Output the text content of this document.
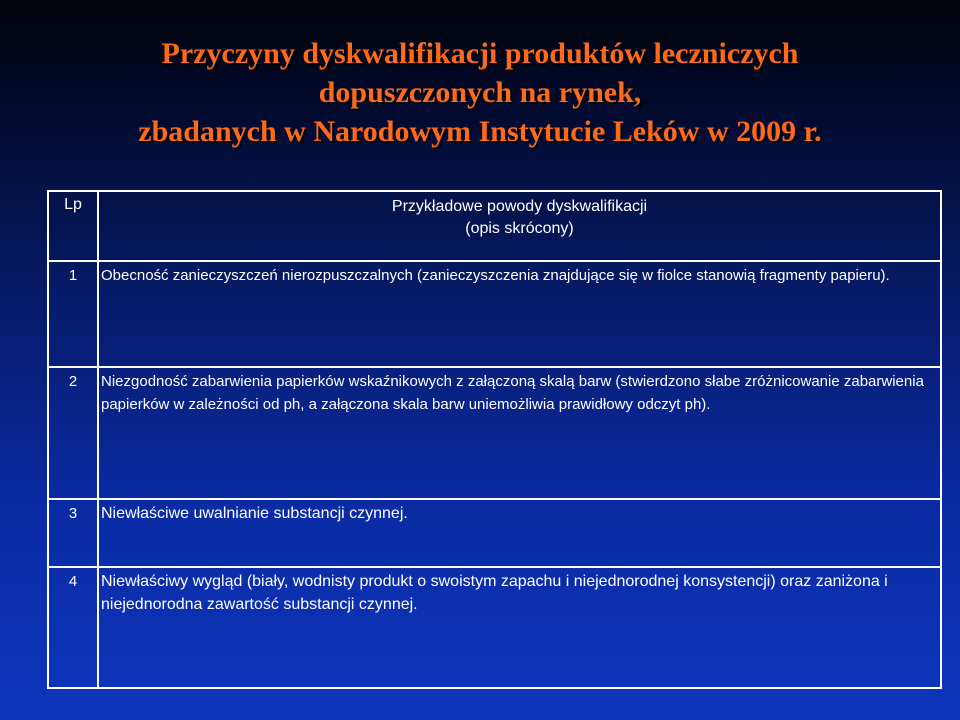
Przyczyny dyskwalifikacji produktów leczniczych
dopuszczonych na rynek,
zbadanych w Narodowym Instytucie Leków w 2009 r.
Lp	Przykładowe powody dyskwalifikacji
(opis skrócony)

1	Obecność zanieczyszczeń nierozpuszczalnych (zanieczyszczenia znajdujące się w fiolce stanowią fragmenty papieru).
2	Niezgodność zabarwienia papierków wskaźnikowych z załączoną skalą barw (stwierdzono słabe zróżnicowanie zabarwienia papierków w zależności od ph, a załączona skala barw uniemożliwia prawidłowy odczyt ph).
3	Niewłaściwe uwalnianie substancji czynnej.
4	Niewłaściwy wygląd (biały, wodnisty produkt o swoistym zapachu i niejednorodnej konsystencji) oraz zaniżona i niejednorodna zawartość substancji czynnej.
